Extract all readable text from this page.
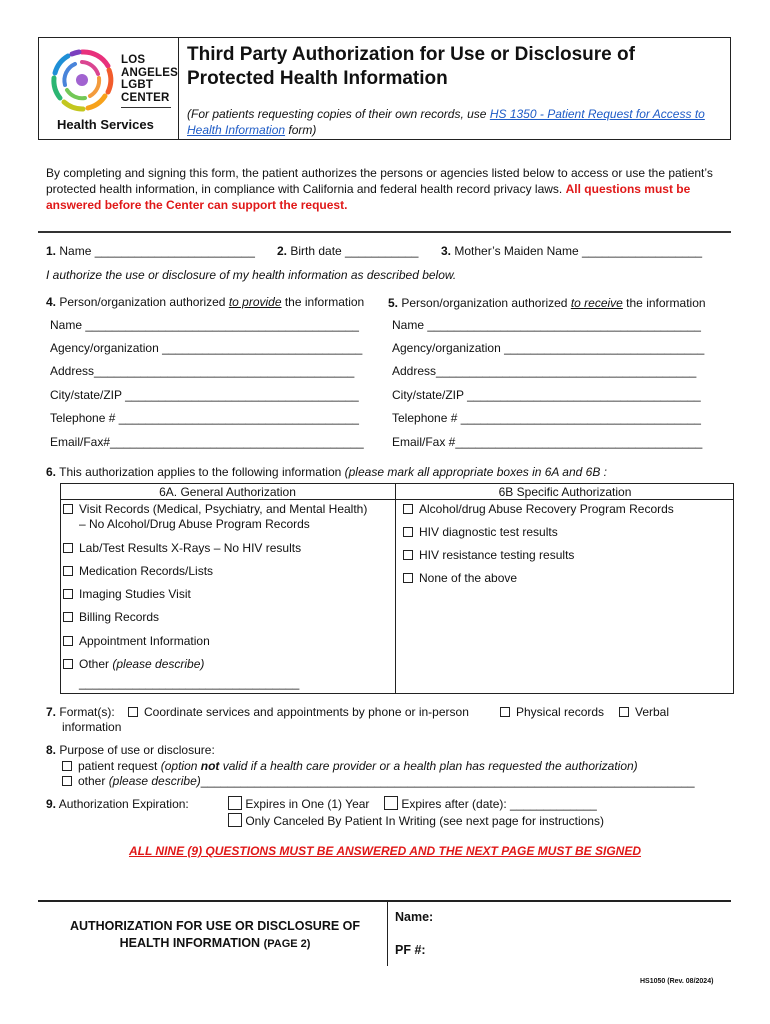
LOS
ANGELES
LGBT
CENTER
Health Services
Third Party Authorization for Use or Disclosure of
Protected Health Information
(For patients requesting copies of their own records, use HS 1350 - Patient Request for Access to Health Information form)
By completing and signing this form, the patient authorizes the persons or agencies listed below to access or use the patient’s protected health information, in compliance with California and federal health record privacy laws. All questions must be answered before the Center can support the request.
1. Name ________________________ 2. Birth date ___________ 3. Mother’s Maiden Name __________________
I authorize the use or disclosure of my health information as described below.
4. Person/organization authorized to provide the information 5. Person/organization authorized to receive the information
Name _________________________________________
Agency/organization ______________________________
Address_______________________________________
City/state/ZIP ___________________________________
Telephone # ____________________________________
Email/Fax#______________________________________
Name _________________________________________
Agency/organization ______________________________
Address_______________________________________
City/state/ZIP ___________________________________
Telephone # ____________________________________
Email/Fax #_____________________________________
6. This authorization applies to the following information (please mark all appropriate boxes in 6A and 6B :
6A. General Authorization	6B Specific Authorization
Visit Records (Medical, Psychiatry, and Mental Health)
– No Alcohol/Drug Abuse Program Records
Lab/Test Results X-Rays – No HIV results
Medication Records/Lists
Imaging Studies Visit
Billing Records
Appointment Information
Other (please describe)
_________________________________
Alcohol/drug Abuse Recovery Program Records
HIV diagnostic test results
HIV resistance testing results
None of the above
7. Format(s):	Coordinate services and appointments by phone or in-person
information
Physical records	Verbal
8. Purpose of use or disclosure:
patient request (option not valid if a health care provider or a health plan has requested the authorization)
other (please describe)__________________________________________________________________________
9. Authorization Expiration:	Expires in One (1) Year	Expires after (date): _____________
Only Canceled By Patient In Writing (see next page for instructions)
ALL NINE (9) QUESTIONS MUST BE ANSWERED AND THE NEXT PAGE MUST BE SIGNED
AUTHORIZATION FOR USE OR DISCLOSURE OF
HEALTH INFORMATION (PAGE 2)
Name:
PF #:
HS1050 (Rev. 08/2024)
